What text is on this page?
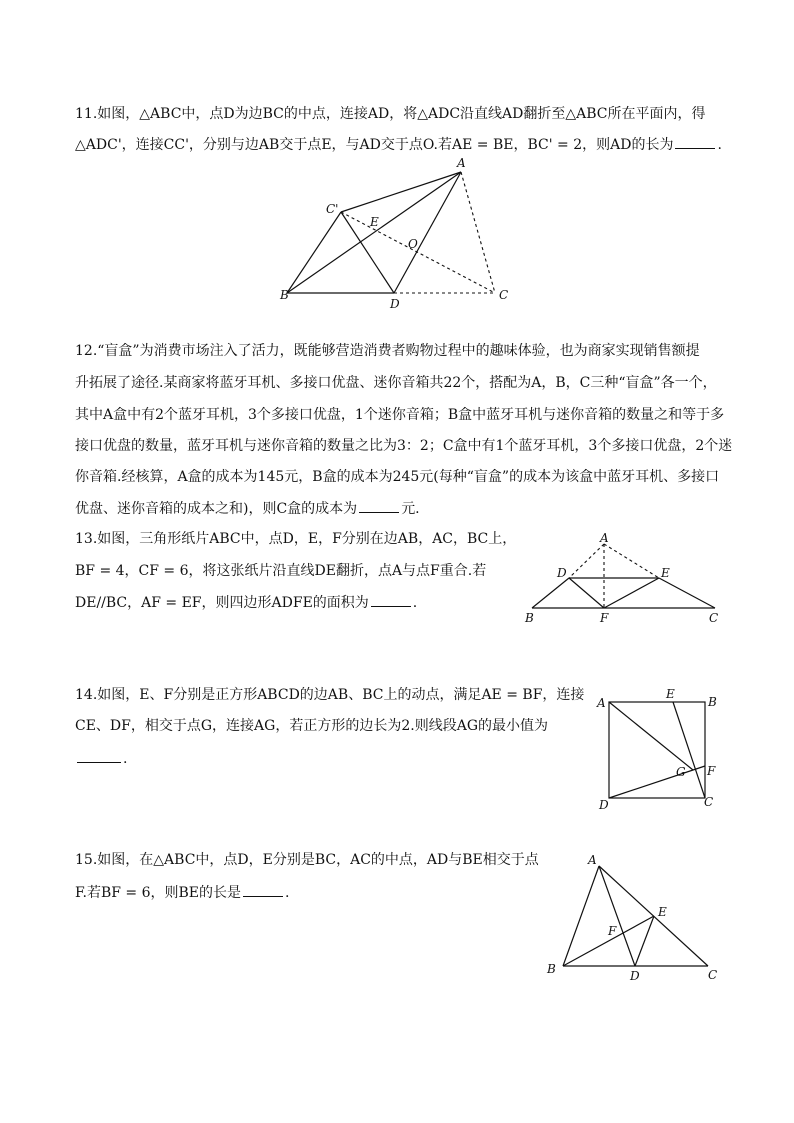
11.如图，△ABC中，点D为边BC的中点，连接AD，将△ADC沿直线AD翻折至△ABC所在平面内，得
△ADC'，连接CC'，分别与边AB交于点E，与AD交于点O.若AE = BE，BC' = 2，则AD的长为	.
A
C'
E
O
B
D
C
12.“盲盒”为消费市场注入了活力，既能够营造消费者购物过程中的趣味体验，也为商家实现销售额提
升拓展了途径.某商家将蓝牙耳机、多接口优盘、迷你音箱共22个，搭配为A，B，C三种“盲盒”各一个，
其中A盒中有2个蓝牙耳机，3个多接口优盘，1个迷你音箱；B盒中蓝牙耳机与迷你音箱的数量之和等于多
接口优盘的数量，蓝牙耳机与迷你音箱的数量之比为3：2；C盒中有1个蓝牙耳机，3个多接口优盘，2个迷
你音箱.经核算，A盒的成本为145元，B盒的成本为245元(每种“盲盒”的成本为该盒中蓝牙耳机、多接口
优盘、迷你音箱的成本之和)，则C盒的成本为	元.
13.如图，三角形纸片ABC中，点D，E，F分别在边AB，AC，BC上，
BF = 4，CF = 6，将这张纸片沿直线DE翻折，点A与点F重合.若
DE//BC，AF = EF，则四边形ADFE的面积为	.
A
D	E
B	F	C
14.如图，E、F分别是正方形ABCD的边AB、BC上的动点，满足AE = BF，连接
CE、DF，相交于点G，连接AG，若正方形的边长为2.则线段AG的最小值为
.
A
E
B
G F
D	C
15.如图，在△ABC中，点D，E分别是BC，AC的中点，AD与BE相交于点
F.若BF = 6，则BE的长是	.
A
E
F
B	D	C
